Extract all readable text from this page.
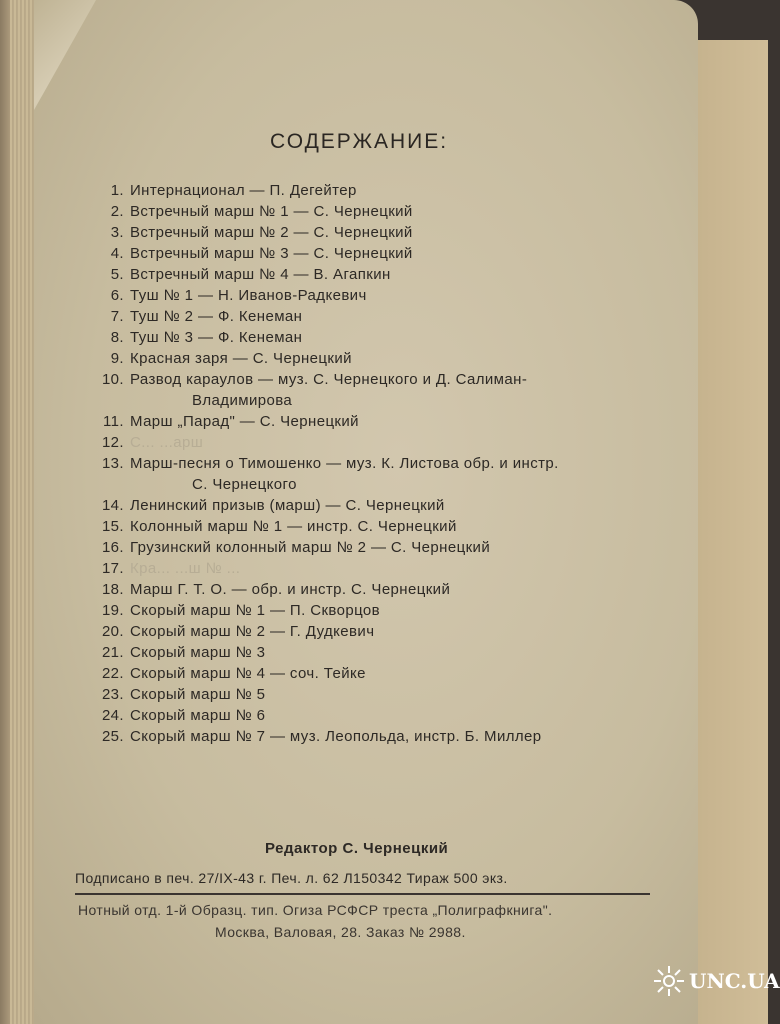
СОДЕРЖАНИЕ:
1. Интернационал — П. Дегейтер
2. Встречный марш № 1 — С. Чернецкий
3. Встречный марш № 2 — С. Чернецкий
4. Встречный марш № 3 — С. Чернецкий
5. Встречный марш № 4 — В. Агапкин
6. Туш № 1 — Н. Иванов-Радкевич
7. Туш № 2 — Ф. Кенеман
8. Туш № 3 — Ф. Кенеман
9. Красная заря — С. Чернецкий
10. Развод караулов — муз. С. Чернецкого и Д. Салиман-
Владимирова
11. Марш „Парад" — С. Чернецкий
12. С... ...арш
13. Марш-песня о Тимошенко — муз. К. Листова обр. и инстр.
С. Чернецкого
14. Ленинский призыв (марш) — С. Чернецкий
15. Колонный марш № 1 — инстр. С. Чернецкий
16. Грузинский колонный марш № 2 — С. Чернецкий
17. Кра... ...ш № ...
18. Марш Г. Т. О. — обр. и инстр. С. Чернецкий
19. Скорый марш № 1 — П. Скворцов
20. Скорый марш № 2 — Г. Дудкевич
21. Скорый марш № 3
22. Скорый марш № 4 — соч. Тейке
23. Скорый марш № 5
24. Скорый марш № 6
25. Скорый марш № 7 — муз. Леопольда, инстр. Б. Миллер
Редактор С. Чернецкий
Подписано в печ. 27/IX-43 г. Печ. л. 62 Л150342 Тираж 500 экз.
Нотный отд. 1-й Образц. тип. Огиза РСФСР треста „Полиграфкнига".
Москва, Валовая, 28. Заказ № 2988.
UNC.UA
